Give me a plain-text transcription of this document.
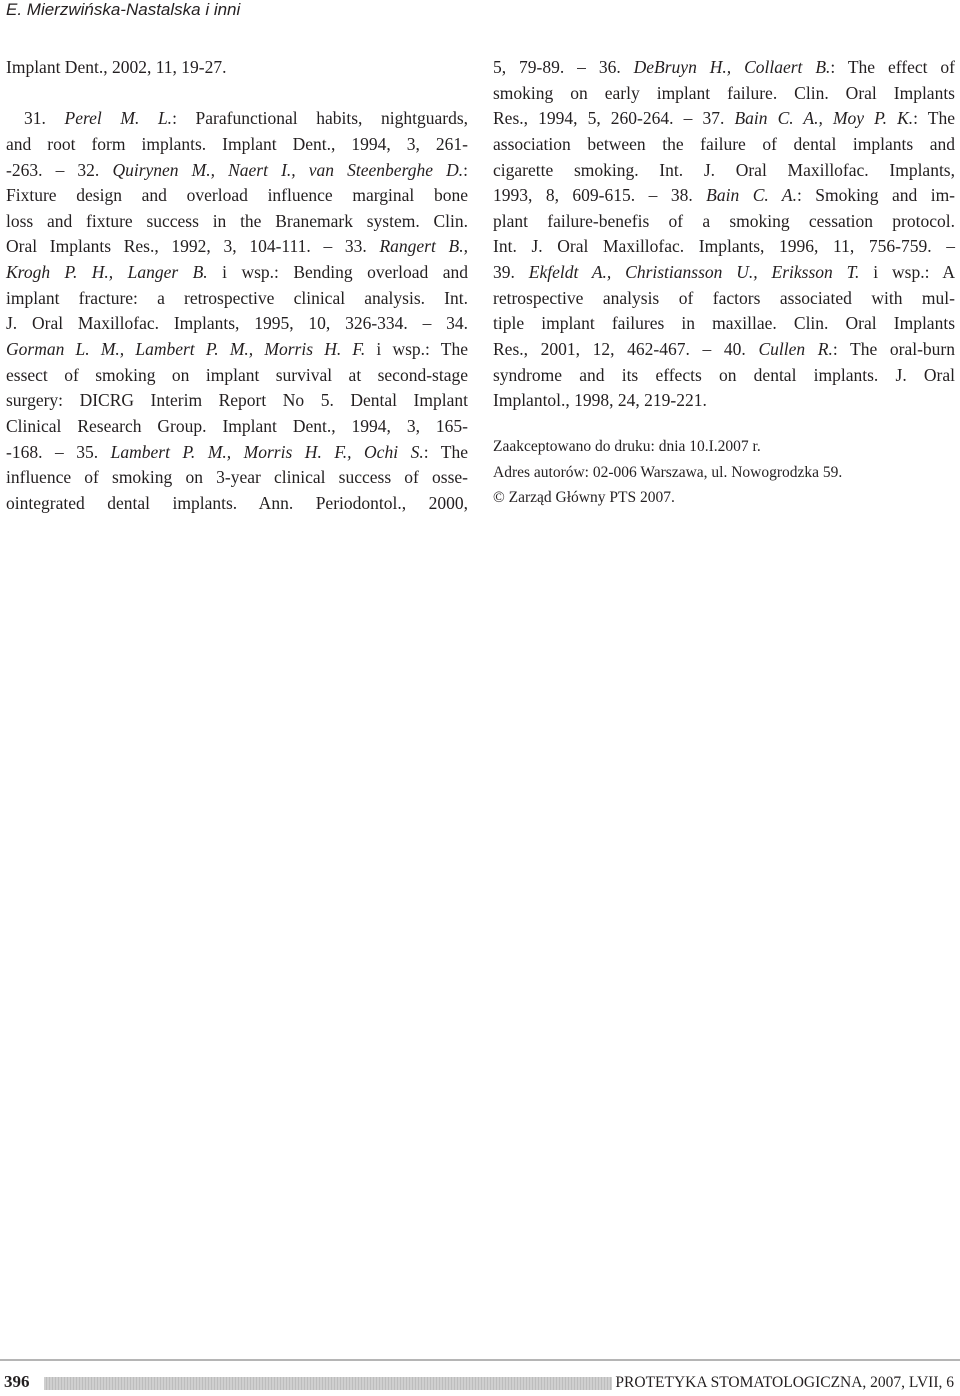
E. Mierzwińska-Nastalska i inni
Implant Dent., 2002, 11, 19-27.
31. Perel M. L.: Parafunctional habits, nightguards,
and root form implants. Implant Dent., 1994, 3, 261-
-263. – 32. Quirynen M., Naert I., van Steenberghe D.:
Fixture design and overload influence marginal bone
loss and fixture success in the Branemark system. Clin.
Oral Implants Res., 1992, 3, 104-111. – 33. Rangert B.,
Krogh P. H., Langer B. i wsp.: Bending overload and
implant fracture: a retrospective clinical analysis. Int.
J. Oral Maxillofac. Implants, 1995, 10, 326-334. – 34.
Gorman L. M., Lambert P. M., Morris H. F. i wsp.: The
essect of smoking on implant survival at second-stage
surgery: DICRG Interim Report No 5. Dental Implant
Clinical Research Group. Implant Dent., 1994, 3, 165-
-168. – 35. Lambert P. M., Morris H. F., Ochi S.: The
influence of smoking on 3-year clinical success of osse-
ointegrated dental implants. Ann. Periodontol., 2000,
5, 79-89. – 36. DeBruyn H., Collaert B.: The effect of
smoking on early implant failure. Clin. Oral Implants
Res., 1994, 5, 260-264. – 37. Bain C. A., Moy P. K.: The
association between the failure of dental implants and
cigarette smoking. Int. J. Oral Maxillofac. Implants,
1993, 8, 609-615. – 38. Bain C. A.: Smoking and im-
plant failure-benefis of a smoking cessation protocol.
Int. J. Oral Maxillofac. Implants, 1996, 11, 756-759. –
39. Ekfeldt A., Christiansson U., Eriksson T. i wsp.: A
retrospective analysis of factors associated with mul-
tiple implant failures in maxillae. Clin. Oral Implants
Res., 2001, 12, 462-467. – 40. Cullen R.: The oral-burn
syndrome and its effects on dental implants. J. Oral
Implantol., 1998, 24, 219-221.
Zaakceptowano do druku: dnia 10.I.2007 r.
Adres autorów: 02-006 Warszawa, ul. Nowogrodzka 59.
© Zarząd Główny PTS 2007.
396	PROTETYKA STOMATOLOGICZNA, 2007, LVII, 6
